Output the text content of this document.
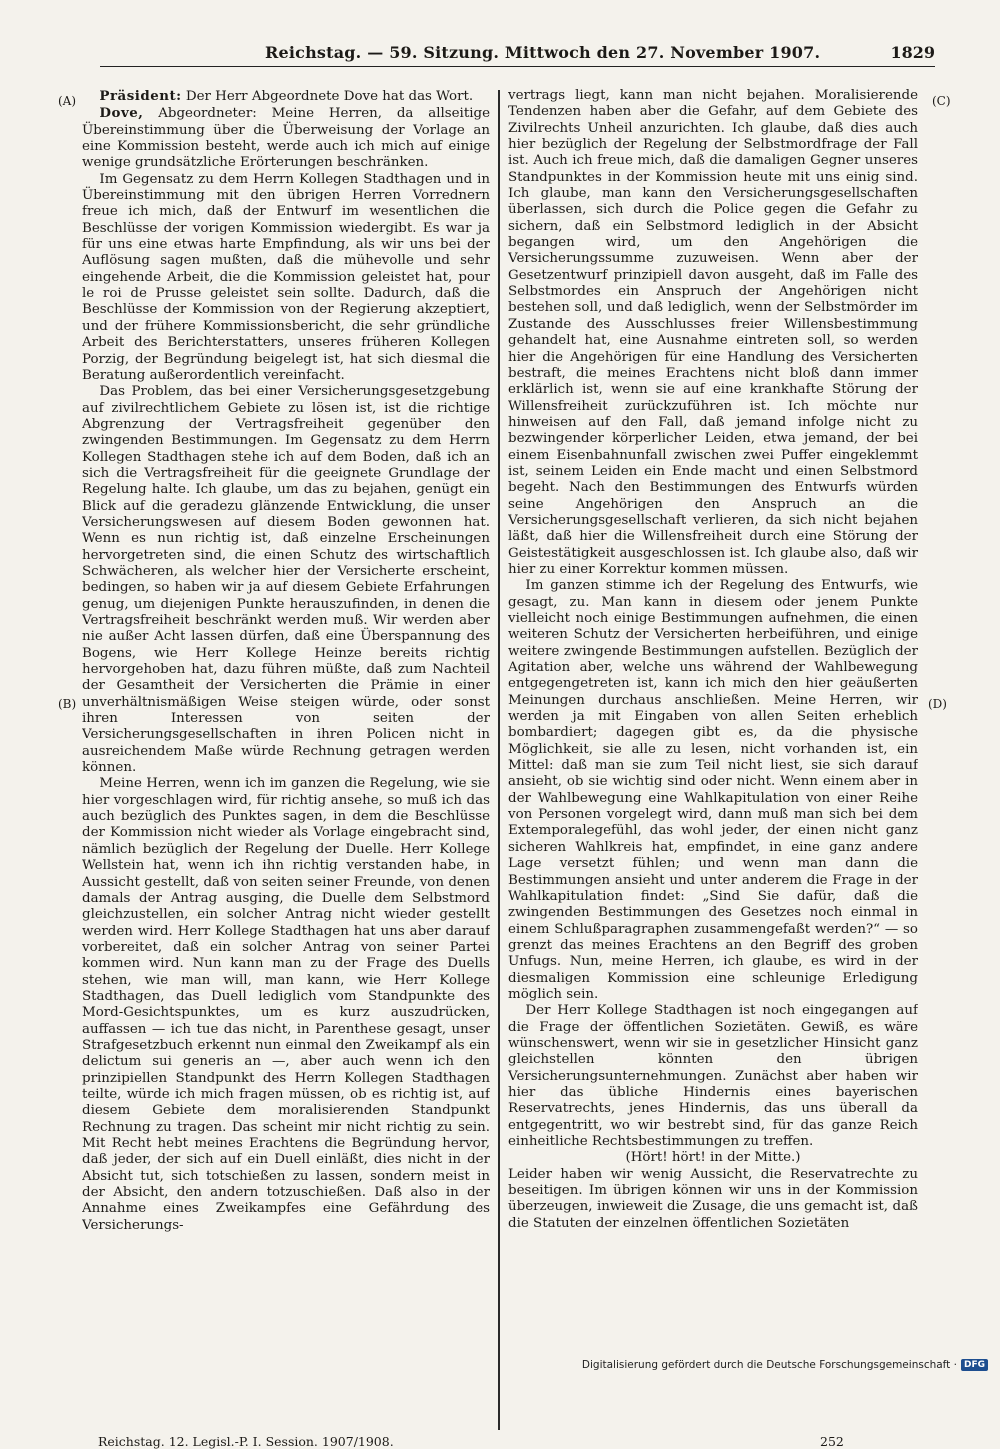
Reichstag. — 59. Sitzung. Mittwoch den 27. November 1907.	1829
(A)
(B)
(C)
(D)

Präsident: Der Herr Abgeordnete Dove hat das Wort.

Dove, Abgeordneter: Meine Herren, da allseitige Übereinstimmung über die Überweisung der Vorlage an eine Kommission besteht, werde auch ich mich auf einige wenige grundsätzliche Erörterungen beschränken.

Im Gegensatz zu dem Herrn Kollegen Stadthagen und in Übereinstimmung mit den übrigen Herren Vorrednern freue ich mich, daß der Entwurf im wesentlichen die Beschlüsse der vorigen Kommission wiedergibt. Es war ja für uns eine etwas harte Empfindung, als wir uns bei der Auflösung sagen mußten, daß die mühevolle und sehr eingehende Arbeit, die die Kommission geleistet hat, pour le roi de Prusse geleistet sein sollte. Dadurch, daß die Beschlüsse der Kommission von der Regierung akzeptiert, und der frühere Kommissionsbericht, die sehr gründliche Arbeit des Berichterstatters, unseres früheren Kollegen Porzig, der Begründung beigelegt ist, hat sich diesmal die Beratung außerordentlich vereinfacht.

Das Problem, das bei einer Versicherungsgesetzgebung auf zivilrechtlichem Gebiete zu lösen ist, ist die richtige Abgrenzung der Vertragsfreiheit gegenüber den zwingenden Bestimmungen. Im Gegensatz zu dem Herrn Kollegen Stadthagen stehe ich auf dem Boden, daß ich an sich die Vertragsfreiheit für die geeignete Grundlage der Regelung halte. Ich glaube, um das zu bejahen, genügt ein Blick auf die geradezu glänzende Entwicklung, die unser Versicherungswesen auf diesem Boden gewonnen hat. Wenn es nun richtig ist, daß einzelne Erscheinungen hervorgetreten sind, die einen Schutz des wirtschaftlich Schwächeren, als welcher hier der Versicherte erscheint, bedingen, so haben wir ja auf diesem Gebiete Erfahrungen genug, um diejenigen Punkte herauszufinden, in denen die Vertragsfreiheit beschränkt werden muß. Wir werden aber nie außer Acht lassen dürfen, daß eine Überspannung des Bogens, wie Herr Kollege Heinze bereits richtig hervorgehoben hat, dazu führen müßte, daß zum Nachteil der Gesamtheit der Versicherten die Prämie in einer unverhältnismäßigen Weise steigen würde, oder sonst ihren Interessen von seiten der Versicherungsgesellschaften in ihren Policen nicht in ausreichendem Maße würde Rechnung getragen werden können.

Meine Herren, wenn ich im ganzen die Regelung, wie sie hier vorgeschlagen wird, für richtig ansehe, so muß ich das auch bezüglich des Punktes sagen, in dem die Beschlüsse der Kommission nicht wieder als Vorlage eingebracht sind, nämlich bezüglich der Regelung der Duelle. Herr Kollege Wellstein hat, wenn ich ihn richtig verstanden habe, in Aussicht gestellt, daß von seiten seiner Freunde, von denen damals der Antrag ausging, die Duelle dem Selbstmord gleichzustellen, ein solcher Antrag nicht wieder gestellt werden wird. Herr Kollege Stadthagen hat uns aber darauf vorbereitet, daß ein solcher Antrag von seiner Partei kommen wird. Nun kann man zu der Frage des Duells stehen, wie man will, man kann, wie Herr Kollege Stadthagen, das Duell lediglich vom Standpunkte des Mord-Gesichtspunktes, um es kurz auszudrücken, auffassen — ich tue das nicht, in Parenthese gesagt, unser Strafgesetzbuch erkennt nun einmal den Zweikampf als ein delictum sui generis an —, aber auch wenn ich den prinzipiellen Standpunkt des Herrn Kollegen Stadthagen teilte, würde ich mich fragen müssen, ob es richtig ist, auf diesem Gebiete dem moralisierenden Standpunkt Rechnung zu tragen. Das scheint mir nicht richtig zu sein. Mit Recht hebt meines Erachtens die Begründung hervor, daß jeder, der sich auf ein Duell einläßt, dies nicht in der Absicht tut, sich totschießen zu lassen, sondern meist in der Absicht, den andern totzuschießen. Daß also in der Annahme eines Zweikampfes eine Gefährdung des Versicherungs-

vertrags liegt, kann man nicht bejahen. Moralisierende Tendenzen haben aber die Gefahr, auf dem Gebiete des Zivilrechts Unheil anzurichten. Ich glaube, daß dies auch hier bezüglich der Regelung der Selbstmordfrage der Fall ist. Auch ich freue mich, daß die damaligen Gegner unseres Standpunktes in der Kommission heute mit uns einig sind. Ich glaube, man kann den Versicherungsgesellschaften überlassen, sich durch die Police gegen die Gefahr zu sichern, daß ein Selbstmord lediglich in der Absicht begangen wird, um den Angehörigen die Versicherungssumme zuzuweisen. Wenn aber der Gesetzentwurf prinzipiell davon ausgeht, daß im Falle des Selbstmordes ein Anspruch der Angehörigen nicht bestehen soll, und daß lediglich, wenn der Selbstmörder im Zustande des Ausschlusses freier Willensbestimmung gehandelt hat, eine Ausnahme eintreten soll, so werden hier die Angehörigen für eine Handlung des Versicherten bestraft, die meines Erachtens nicht bloß dann immer erklärlich ist, wenn sie auf eine krankhafte Störung der Willensfreiheit zurückzuführen ist. Ich möchte nur hinweisen auf den Fall, daß jemand infolge nicht zu bezwingender körperlicher Leiden, etwa jemand, der bei einem Eisenbahnunfall zwischen zwei Puffer eingeklemmt ist, seinem Leiden ein Ende macht und einen Selbstmord begeht. Nach den Bestimmungen des Entwurfs würden seine Angehörigen den Anspruch an die Versicherungsgesellschaft verlieren, da sich nicht bejahen läßt, daß hier die Willensfreiheit durch eine Störung der Geistestätigkeit ausgeschlossen ist. Ich glaube also, daß wir hier zu einer Korrektur kommen müssen.

Im ganzen stimme ich der Regelung des Entwurfs, wie gesagt, zu. Man kann in diesem oder jenem Punkte vielleicht noch einige Bestimmungen aufnehmen, die einen weiteren Schutz der Versicherten herbeiführen, und einige weitere zwingende Bestimmungen aufstellen. Bezüglich der Agitation aber, welche uns während der Wahlbewegung entgegengetreten ist, kann ich mich den hier geäußerten Meinungen durchaus anschließen. Meine Herren, wir werden ja mit Eingaben von allen Seiten erheblich bombardiert; dagegen gibt es, da die physische Möglichkeit, sie alle zu lesen, nicht vorhanden ist, ein Mittel: daß man sie zum Teil nicht liest, sie sich darauf ansieht, ob sie wichtig sind oder nicht. Wenn einem aber in der Wahlbewegung eine Wahlkapitulation von einer Reihe von Personen vorgelegt wird, dann muß man sich bei dem Extemporalegefühl, das wohl jeder, der einen nicht ganz sicheren Wahlkreis hat, empfindet, in eine ganz andere Lage versetzt fühlen; und wenn man dann die Bestimmungen ansieht und unter anderem die Frage in der Wahlkapitulation findet: „Sind Sie dafür, daß die zwingenden Bestimmungen des Gesetzes noch einmal in einem Schlußparagraphen zusammengefaßt werden?“ — so grenzt das meines Erachtens an den Begriff des groben Unfugs. Nun, meine Herren, ich glaube, es wird in der diesmaligen Kommission eine schleunige Erledigung möglich sein.

Der Herr Kollege Stadthagen ist noch eingegangen auf die Frage der öffentlichen Sozietäten. Gewiß, es wäre wünschenswert, wenn wir sie in gesetzlicher Hinsicht ganz gleichstellen könnten den übrigen Versicherungsunternehmungen. Zunächst aber haben wir hier das übliche Hindernis eines bayerischen Reservatrechts, jenes Hindernis, das uns überall da entgegentritt, wo wir bestrebt sind, für das ganze Reich einheitliche Rechtsbestimmungen zu treffen.

(Hört! hört! in der Mitte.)

Leider haben wir wenig Aussicht, die Reservatrechte zu beseitigen. Im übrigen können wir uns in der Kommission überzeugen, inwieweit die Zusage, die uns gemacht ist, daß die Statuten der einzelnen öffentlichen Sozietäten

Reichstag. 12. Legisl.-P. I. Session. 1907/1908.	252
Digitalisierung gefördert durch die Deutsche Forschungsgemeinschaft · DFG
